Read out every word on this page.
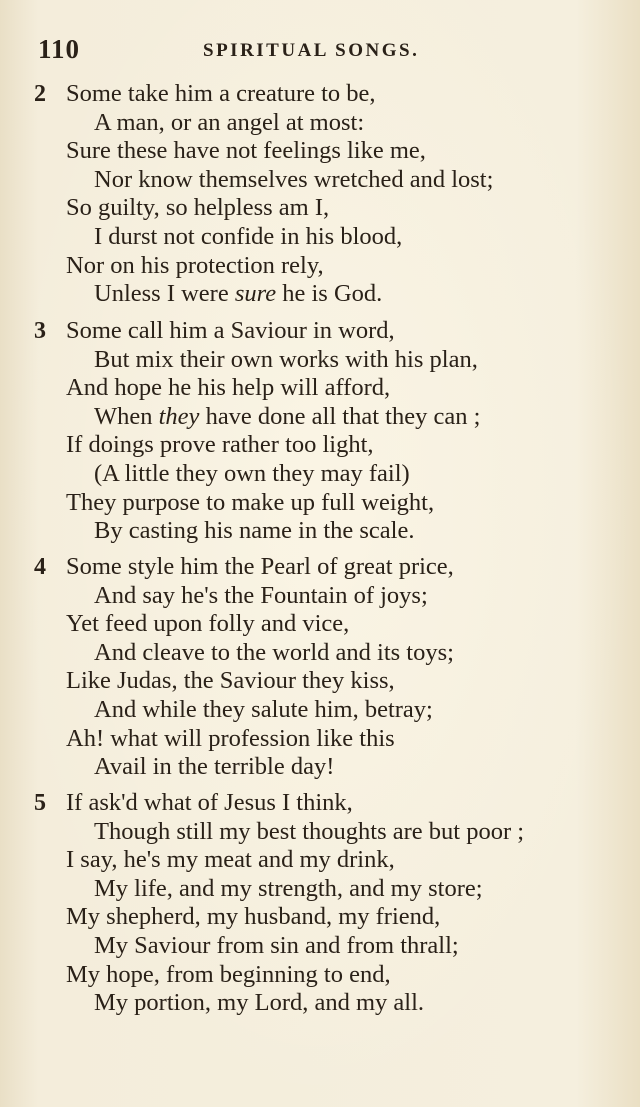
110	SPIRITUAL SONGS.
2 Some take him a creature to be,
A man, or an angel at most:
Sure these have not feelings like me,
Nor know themselves wretched and lost;
So guilty, so helpless am I,
I durst not confide in his blood,
Nor on his protection rely,
Unless I were sure he is God.
3 Some call him a Saviour in word,
But mix their own works with his plan,
And hope he his help will afford,
When they have done all that they can ;
If doings prove rather too light,
(A little they own they may fail)
They purpose to make up full weight,
By casting his name in the scale.
4 Some style him the Pearl of great price,
And say he's the Fountain of joys;
Yet feed upon folly and vice,
And cleave to the world and its toys;
Like Judas, the Saviour they kiss,
And while they salute him, betray;
Ah! what will profession like this
Avail in the terrible day!
5 If ask'd what of Jesus I think,
Though still my best thoughts are but poor ;
I say, he's my meat and my drink,
My life, and my strength, and my store;
My shepherd, my husband, my friend,
My Saviour from sin and from thrall;
My hope, from beginning to end,
My portion, my Lord, and my all.
